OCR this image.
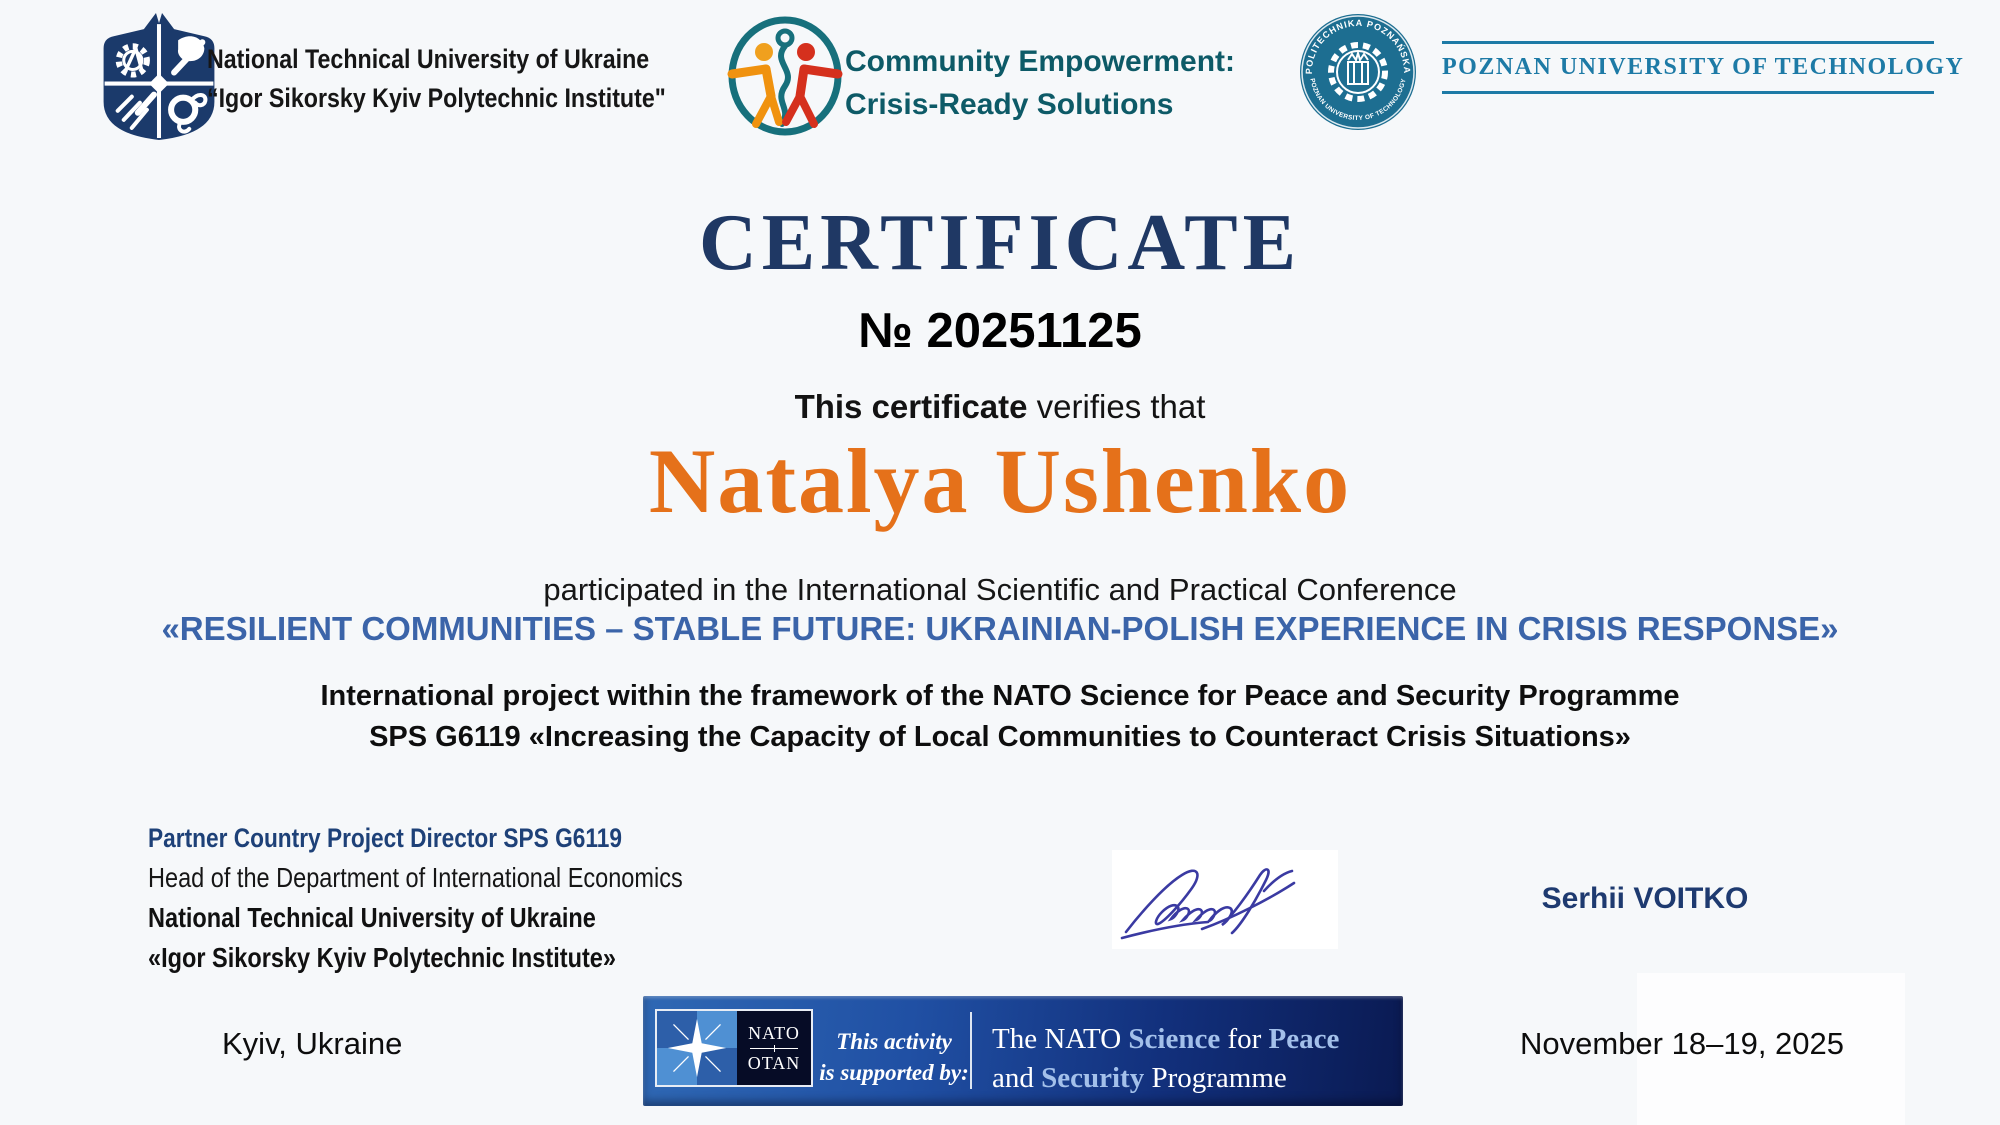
National Technical University of Ukraine
“Igor Sikorsky Kyiv Polytechnic Institute"
Community Empowerment:
Crisis-Ready Solutions
POLITECHNIKA POZNAŃSKA
POZNAN UNIVERSITY OF TECHNOLOGY
POZNAN UNIVERSITY OF TECHNOLOGY
CERTIFICATE
№ 20251125
This certificate verifies that
Natalya Ushenko
participated in the International Scientific and Practical Conference
«RESILIENT COMMUNITIES – STABLE FUTURE: UKRAINIAN-POLISH EXPERIENCE IN CRISIS RESPONSE»
International project within the framework of the NATO Science for Peace and Security Programme
SPS G6119 «Increasing the Capacity of Local Communities to Counteract Crisis Situations»
Partner Country Project Director SPS G6119
Head of the Department of International Economics
National Technical University of Ukraine
«Igor Sikorsky Kyiv Polytechnic Institute»
Serhii VOITKO
Kyiv, Ukraine	NATO
OTAN
This activity
is supported by:
The NATO Science for Peace
and Security Programme
November 18–19, 2025
